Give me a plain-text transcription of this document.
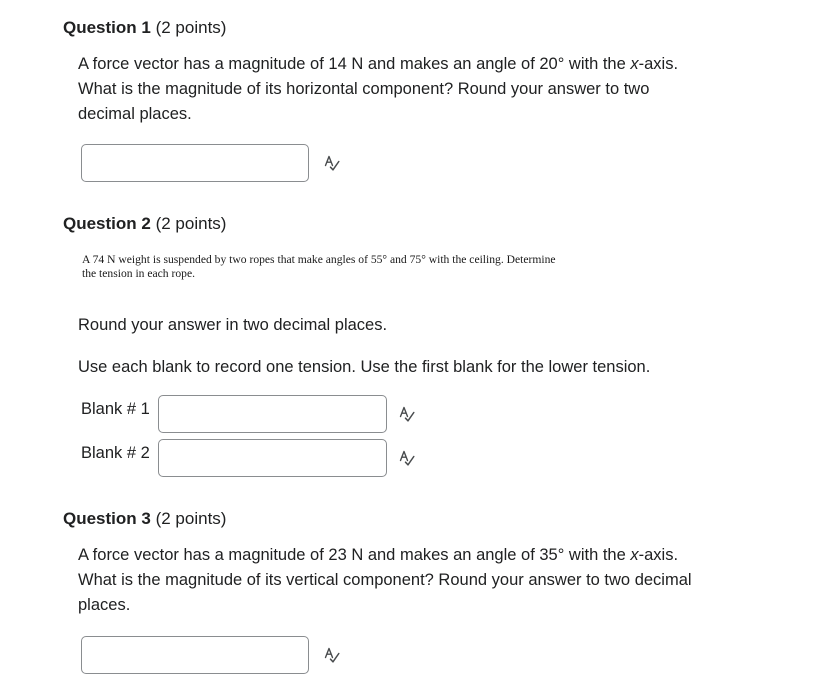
Question 1 (2 points)
A force vector has a magnitude of 14 N and makes an angle of 20° with the x-axis.
What is the magnitude of its horizontal component? Round your answer to two
decimal places.
Question 2 (2 points)
A 74 N weight is suspended by two ropes that make angles of 55° and 75° with the ceiling. Determine
the tension in each rope.
Round your answer in two decimal places.
Use each blank to record one tension. Use the first blank for the lower tension.
Blank # 1
Blank # 2
Question 3 (2 points)
A force vector has a magnitude of 23 N and makes an angle of 35° with the x-axis.
What is the magnitude of its vertical component? Round your answer to two decimal
places.
